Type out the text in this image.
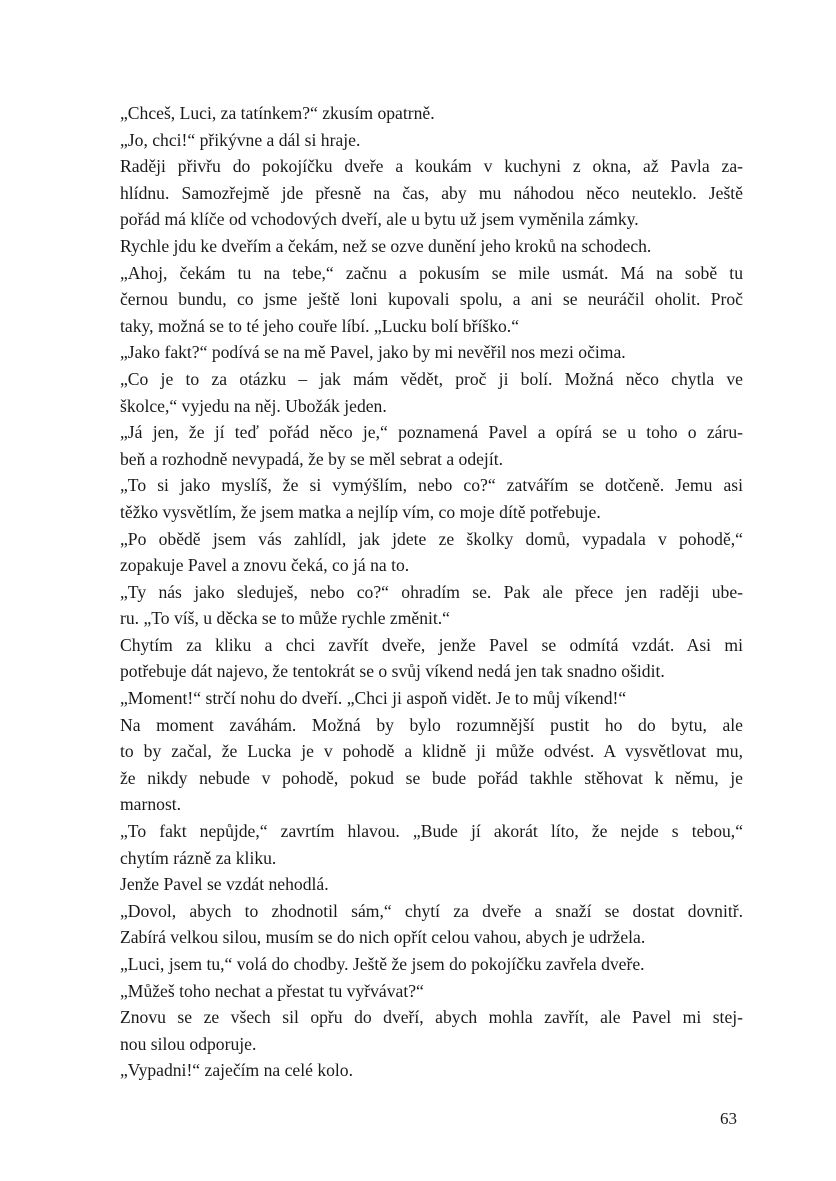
„Chceš, Luci, za tatínkem?“ zkusím opatrně.
„Jo, chci!“ přikývne a dál si hraje.
Raději přivřu do pokojíčku dveře a koukám v kuchyni z okna, až Pavla za-
hlídnu. Samozřejmě jde přesně na čas, aby mu náhodou něco neuteklo. Ještě
pořád má klíče od vchodových dveří, ale u bytu už jsem vyměnila zámky.
Rychle jdu ke dveřím a čekám, než se ozve dunění jeho kroků na schodech.
„Ahoj, čekám tu na tebe,“ začnu a pokusím se mile usmát. Má na sobě tu
černou bundu, co jsme ještě loni kupovali spolu, a ani se neuráčil oholit. Proč
taky, možná se to té jeho couře líbí. „Lucku bolí bříško.“
„Jako fakt?“ podívá se na mě Pavel, jako by mi nevěřil nos mezi očima.
„Co je to za otázku – jak mám vědět, proč ji bolí. Možná něco chytla ve
školce,“ vyjedu na něj. Ubožák jeden.
„Já jen, že jí teď pořád něco je,“ poznamená Pavel a opírá se u toho o záru-
beň a rozhodně nevypadá, že by se měl sebrat a odejít.
„To si jako myslíš, že si vymýšlím, nebo co?“ zatvářím se dotčeně. Jemu asi
těžko vysvětlím, že jsem matka a nejlíp vím, co moje dítě potřebuje.
„Po obědě jsem vás zahlídl, jak jdete ze školky domů, vypadala v pohodě,“
zopakuje Pavel a znovu čeká, co já na to.
„Ty nás jako sleduješ, nebo co?“ ohradím se. Pak ale přece jen raději ube-
ru. „To víš, u děcka se to může rychle změnit.“
Chytím za kliku a chci zavřít dveře, jenže Pavel se odmítá vzdát. Asi mi
potřebuje dát najevo, že tentokrát se o svůj víkend nedá jen tak snadno ošidit.
„Moment!“ strčí nohu do dveří. „Chci ji aspoň vidět. Je to můj víkend!“
Na moment zaváhám. Možná by bylo rozumnější pustit ho do bytu, ale
to by začal, že Lucka je v pohodě a klidně ji může odvést. A vysvětlovat mu,
že nikdy nebude v pohodě, pokud se bude pořád takhle stěhovat k němu, je
marnost.
„To fakt nepůjde,“ zavrtím hlavou. „Bude jí akorát líto, že nejde s tebou,“
chytím rázně za kliku.
Jenže Pavel se vzdát nehodlá.
„Dovol, abych to zhodnotil sám,“ chytí za dveře a snaží se dostat dovnitř.
Zabírá velkou silou, musím se do nich opřít celou vahou, abych je udržela.
„Luci, jsem tu,“ volá do chodby. Ještě že jsem do pokojíčku zavřela dveře.
„Můžeš toho nechat a přestat tu vyřvávat?“
Znovu se ze všech sil opřu do dveří, abych mohla zavřít, ale Pavel mi stej-
nou silou odporuje.
„Vypadni!“ zaječím na celé kolo.
63
